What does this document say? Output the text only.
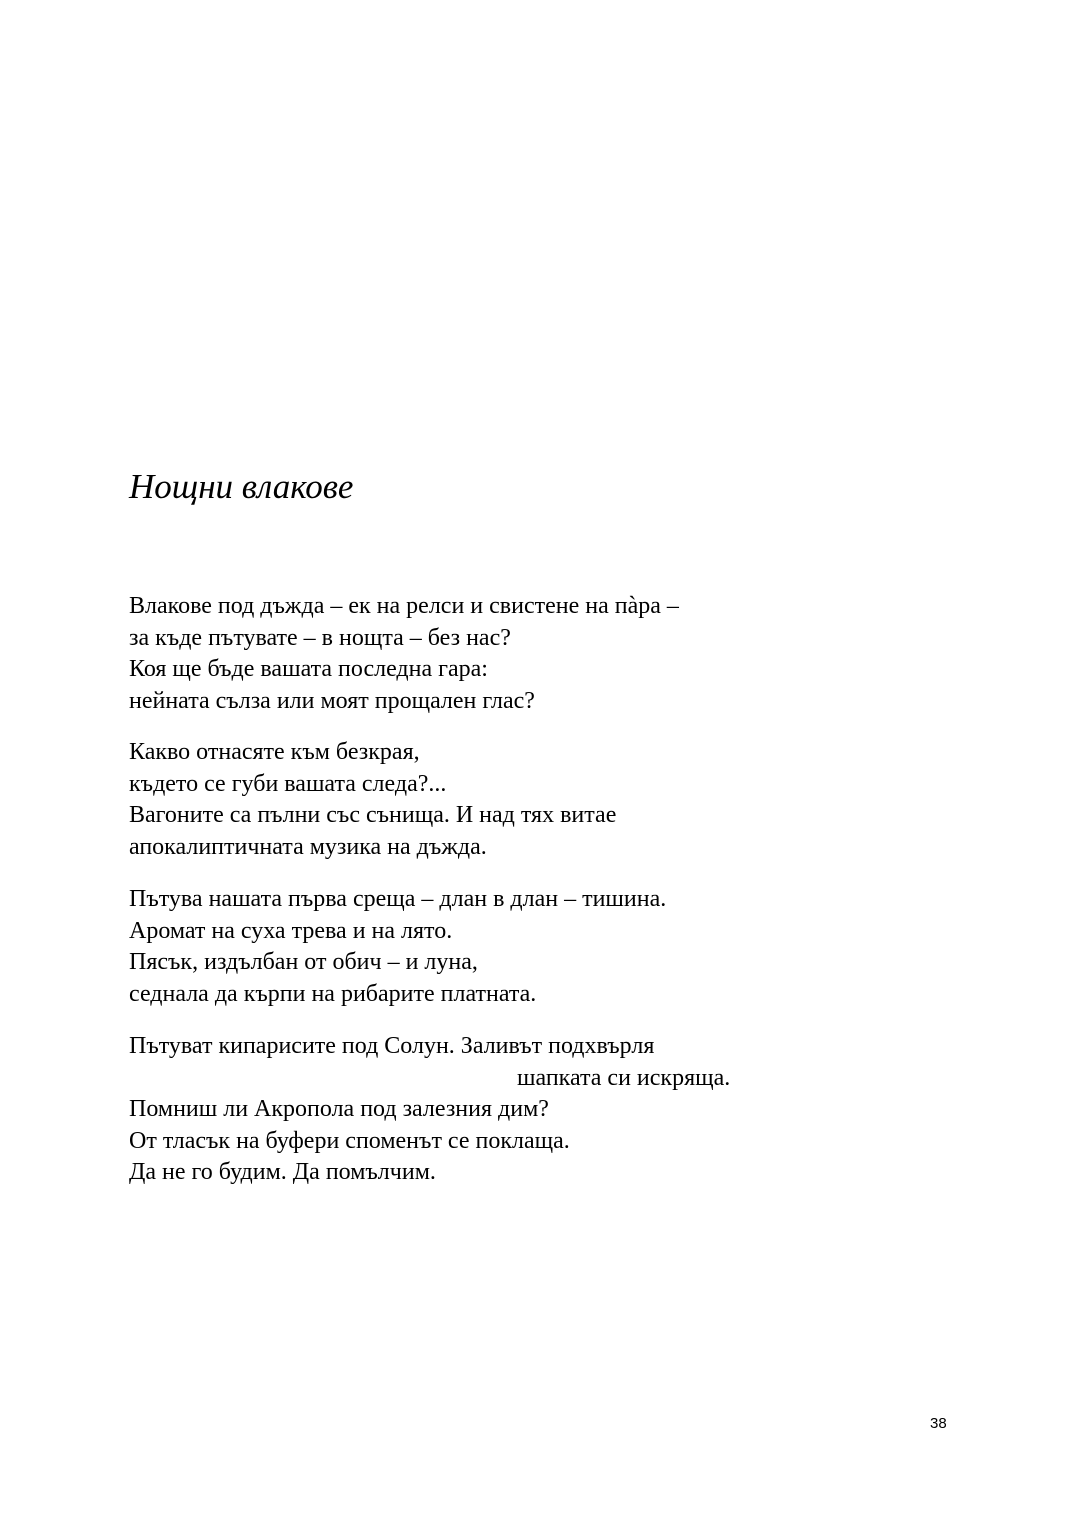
Нощни влакове

Влакове под дъжда – ек на релси и свистене на пàра –
за къде пътувате – в нощта – без нас?
Коя ще бъде вашата последна гара:
нейната сълза или моят прощален глас?

Какво отнасяте към безкрая,
където се губи вашата следа?...
Вагоните са пълни със сънища. И над тях витае
апокалиптичната музика на дъжда.

Пътува нашата първа среща – длан в длан – тишина.
Аромат на суха трева и на лято.
Пясък, издълбан от обич – и луна,
седнала да кърпи на рибарите платната.

Пътуват кипарисите под Солун. Заливът подхвърля
шапката си искряща.
Помниш ли Акропола под залезния дим?
От тласък на буфери споменът се поклаща.
Да не го будим. Да помълчим.

38
